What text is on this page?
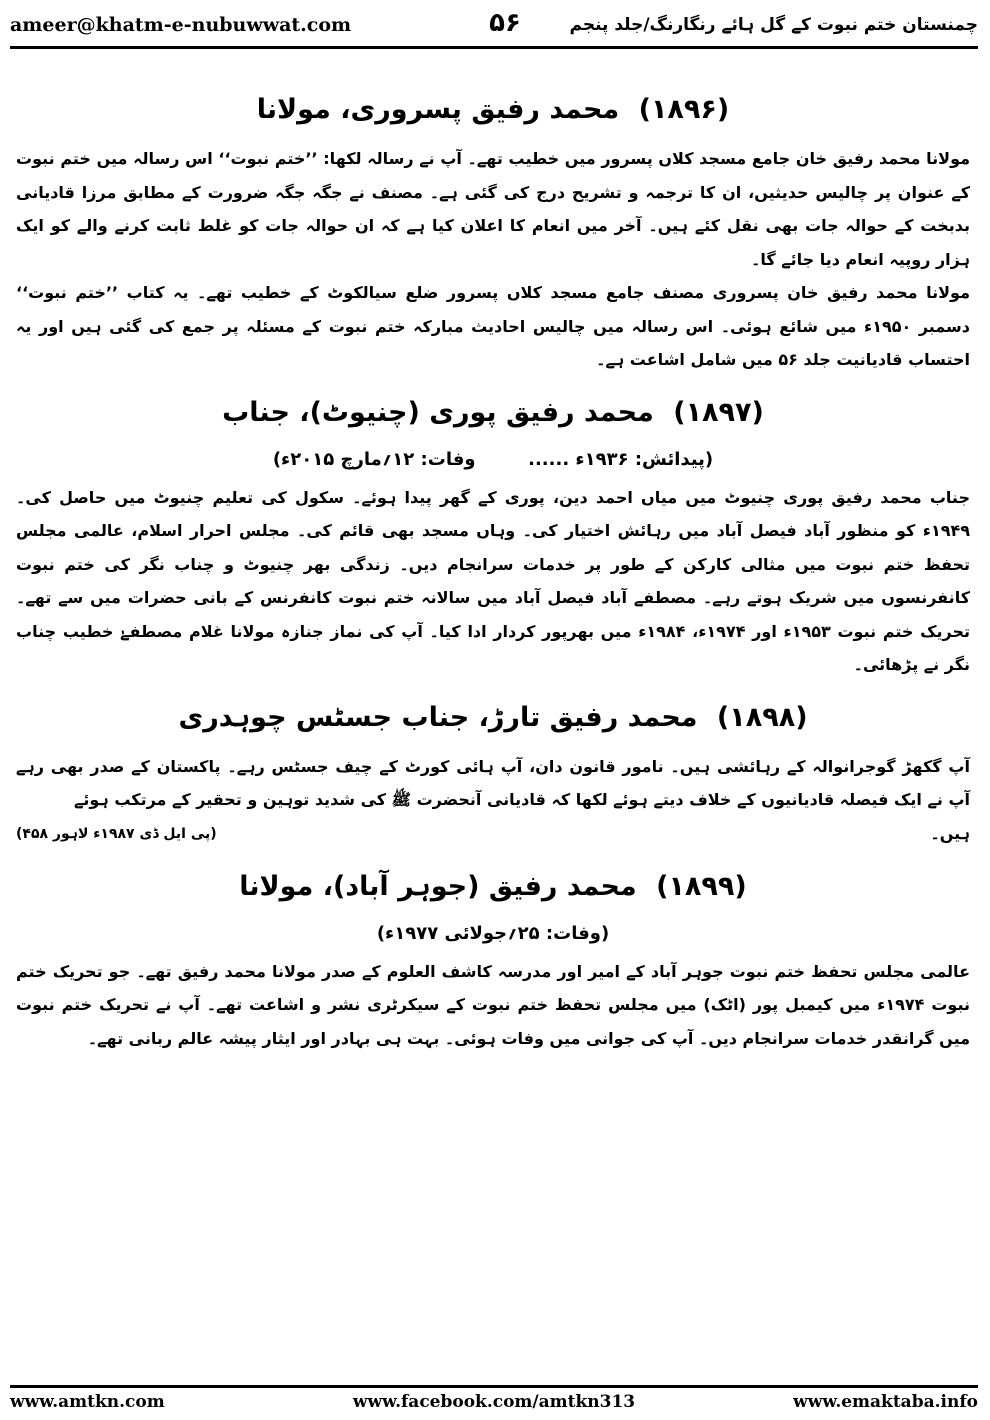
ameer@khatm-e-nubuwwat.com	۵۶	چمنستان ختم نبوت کے گل ہائے رنگارنگ/جلد پنجم
(۱۸۹۶) محمد رفیق پسروری، مولانا

مولانا محمد رفیق خان جامع مسجد کلاں پسرور میں خطیب تھے۔ آپ نے رسالہ لکھا: ’’ختم نبوت‘‘ اس رسالہ میں ختم نبوت کے عنوان پر چالیس حدیثیں، ان کا ترجمہ و تشریح درج کی گئی ہے۔ مصنف نے جگہ جگہ ضرورت کے مطابق مرزا قادیانی بدبخت کے حوالہ جات بھی نقل کئے ہیں۔ آخر میں انعام کا اعلان کیا ہے کہ ان حوالہ جات کو غلط ثابت کرنے والے کو ایک ہزار روپیہ انعام دیا جائے گا۔

مولانا محمد رفیق خان پسروری مصنف جامع مسجد کلاں پسرور ضلع سیالکوٹ کے خطیب تھے۔ یہ کتاب ’’ختم نبوت‘‘ دسمبر ۱۹۵۰ء میں شائع ہوئی۔ اس رسالہ میں چالیس احادیث مبارکہ ختم نبوت کے مسئلہ پر جمع کی گئی ہیں اور یہ احتساب قادیانیت جلد ۵۶ میں شامل اشاعت ہے۔

(۱۸۹۷) محمد رفیق پوری (چنیوٹ)، جناب
(پیدائش: ۱۹۳۶ء ......  وفات: ۱۲؍مارچ ۲۰۱۵ء)

جناب محمد رفیق پوری چنیوٹ میں میاں احمد دین، پوری کے گھر پیدا ہوئے۔ سکول کی تعلیم چنیوٹ میں حاصل کی۔ ۱۹۴۹ء کو منظور آباد فیصل آباد میں رہائش اختیار کی۔ وہاں مسجد بھی قائم کی۔ مجلس احرار اسلام، عالمی مجلس تحفظ ختم نبوت میں مثالی کارکن کے طور پر خدمات سرانجام دیں۔ زندگی بھر چنیوٹ و چناب نگر کی ختم نبوت کانفرنسوں میں شریک ہوتے رہے۔ مصطفے آباد فیصل آباد میں سالانہ ختم نبوت کانفرنس کے بانی حضرات میں سے تھے۔ تحریک ختم نبوت ۱۹۵۳ء اور ۱۹۷۴ء، ۱۹۸۴ء میں بھرپور کردار ادا کیا۔ آپ کی نماز جنازہ مولانا غلام مصطفےٰ خطیب چناب نگر نے پڑھائی۔

(۱۸۹۸) محمد رفیق تارڑ، جناب جسٹس چوہدری

آپ گکھڑ گوجرانوالہ کے رہائشی ہیں۔ نامور قانون دان، آپ ہائی کورٹ کے چیف جسٹس رہے۔ پاکستان کے صدر بھی رہے آپ نے ایک فیصلہ قادیانیوں کے خلاف دیتے ہوئے لکھا کہ قادیانی آنحضرت ﷺ کی شدید توہین و تحقیر کے مرتکب ہوئے

ہیں۔
(پی ایل ڈی ۱۹۸۷ء لاہور ۴۵۸)
(۱۸۹۹) محمد رفیق (جوہر آباد)، مولانا
(وفات: ۲۵؍جولائی ۱۹۷۷ء)

عالمی مجلس تحفظ ختم نبوت جوہر آباد کے امیر اور مدرسہ کاشف العلوم کے صدر مولانا محمد رفیق تھے۔ جو تحریک ختم نبوت ۱۹۷۴ء میں کیمبل پور (اٹک) میں مجلس تحفظ ختم نبوت کے سیکرٹری نشر و اشاعت تھے۔ آپ نے تحریک ختم نبوت میں گرانقدر خدمات سرانجام دیں۔ آپ کی جوانی میں وفات ہوئی۔ بہت ہی بہادر اور ایثار پیشہ عالم ربانی تھے۔

www.amtkn.com	www.facebook.com/amtkn313	www.emaktaba.info
